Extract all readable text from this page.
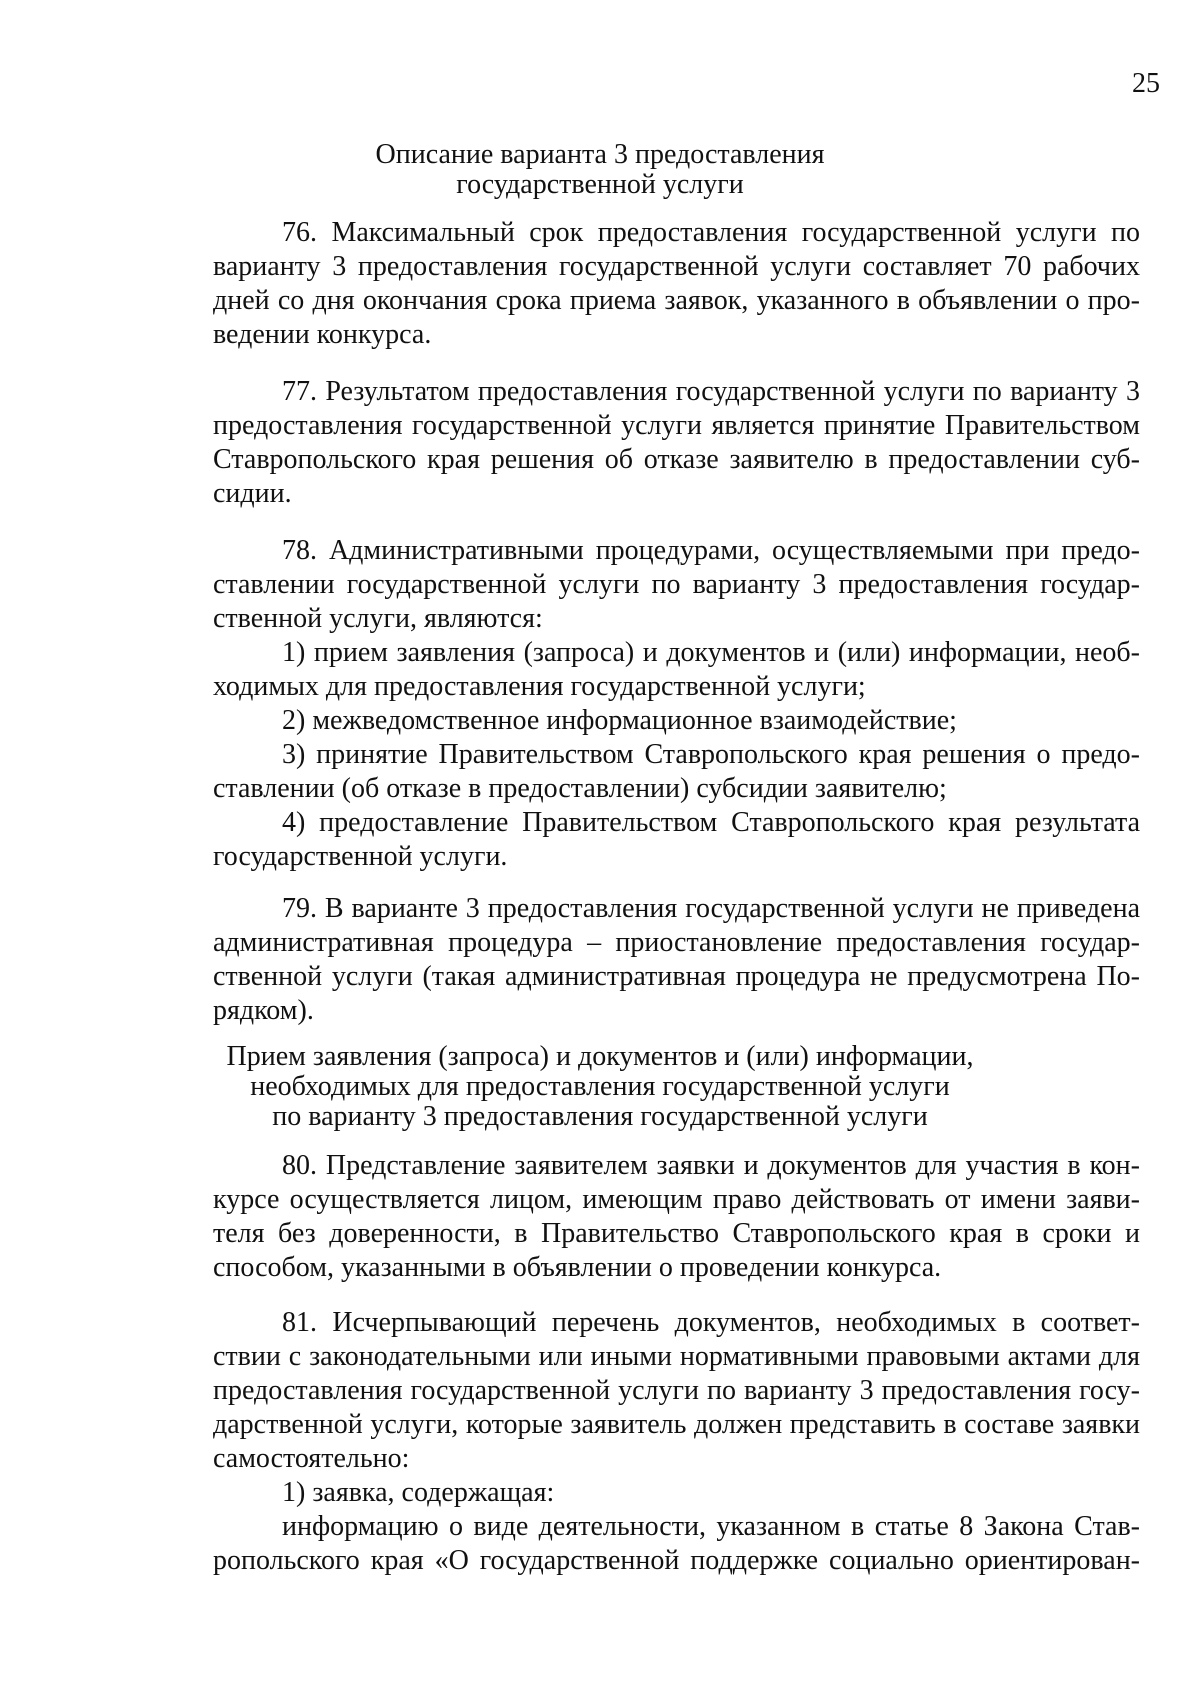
25
Описание варианта 3 предоставления
государственной услуги
76. Максимальный срок предоставления государственной услуги по
варианту 3 предоставления государственной услуги составляет 70 рабочих
дней со дня окончания срока приема заявок, указанного в объявлении о про-
ведении конкурса.
77. Результатом предоставления государственной услуги по варианту 3
предоставления государственной услуги является принятие Правительством
Ставропольского края решения об отказе заявителю в предоставлении суб-
сидии.
78. Административными процедурами, осуществляемыми при предо-
ставлении государственной услуги по варианту 3 предоставления государ-
ственной услуги, являются:
1) прием заявления (запроса) и документов и (или) информации, необ-
ходимых для предоставления государственной услуги;
2) межведомственное информационное взаимодействие;
3) принятие Правительством Ставропольского края решения о предо-
ставлении (об отказе в предоставлении) субсидии заявителю;
4) предоставление Правительством Ставропольского края результата
государственной услуги.
79. В варианте 3 предоставления государственной услуги не приведена
административная процедура – приостановление предоставления государ-
ственной услуги (такая административная процедура не предусмотрена По-
рядком).
Прием заявления (запроса) и документов и (или) информации,
необходимых для предоставления государственной услуги
по варианту 3 предоставления государственной услуги
80. Представление заявителем заявки и документов для участия в кон-
курсе осуществляется лицом, имеющим право действовать от имени заяви-
теля без доверенности, в Правительство Ставропольского края в сроки и
способом, указанными в объявлении о проведении конкурса.
81. Исчерпывающий перечень документов, необходимых в соответ-
ствии с законодательными или иными нормативными правовыми актами для
предоставления государственной услуги по варианту 3 предоставления госу-
дарственной услуги, которые заявитель должен представить в составе заявки
самостоятельно:
1) заявка, содержащая:
информацию о виде деятельности, указанном в статье 8 Закона Став-
ропольского края «О государственной поддержке социально ориентирован-
